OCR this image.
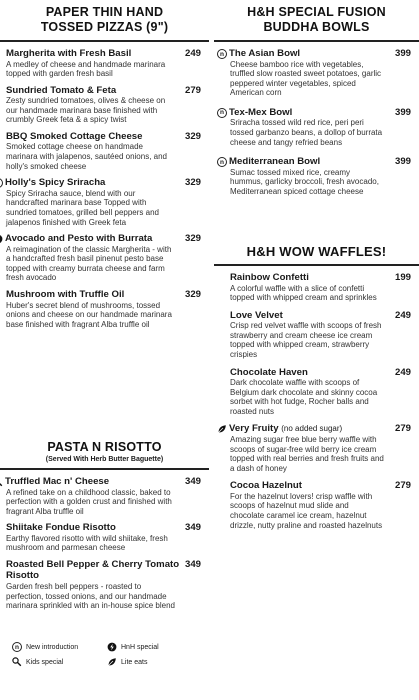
PAPER THIN HAND TOSSED PIZZAS (9")
Margherita with Fresh Basil	249
A medley of cheese and handmade marinara topped with garden fresh basil
Sundried Tomato & Feta	279
Zesty sundried tomatoes, olives & cheese on our handmade marinara base finished with crumbly Greek feta & a spicy twist
BBQ Smoked Cottage Cheese	329
Smoked cottage cheese on handmade marinara with jalapenos, sautéed onions, and holly's smoked cheese
Holly's Spicy Sriracha	329
Spicy Sriracha sauce, blend with our handcrafted marinara base Topped with sundried tomatoes, grilled bell peppers and jalapenos finished with Greek feta
Avocado and Pesto with Burrata	329
A reimagination of the classic Margherita - with a handcrafted fresh basil pinenut pesto base topped with creamy burrata cheese and farm fresh avocado
Mushroom with Truffle Oil	329
Huber's secret blend of mushrooms, tossed onions and cheese on our handmade marinara base finished with fragrant Alba truffle oil
PASTA N RISOTTO
(Served With Herb Butter Baguette)
Truffled Mac n' Cheese	349
A refined take on a childhood classic, baked to perfection with a golden crust and finished with fragrant Alba truffle oil
Shiitake Fondue Risotto	349
Earthy flavored risotto with wild shiitake, fresh mushroom and parmesan cheese
Roasted Bell Pepper & Cherry Tomato Risotto
349
Garden fresh bell peppers - roasted to perfection, tossed onions, and our handmade marinara sprinkled with an in-house spice blend
n	New introduction	HnH special
Kids special	Lite eats
H&H SPECIAL FUSION BUDDHA BOWLS
n The Asian Bowl	399
Cheese bamboo rice with vegetables, truffled slow roasted sweet potatoes, garlic peppered winter vegetables, spiced American corn
n Tex-Mex Bowl	399
Sriracha tossed wild red rice, peri peri tossed garbanzo beans, a dollop of burrata cheese and tangy refried beans
n Mediterranean Bowl	399
Sumac tossed mixed rice, creamy hummus, garlicky broccoli, fresh avocado, Mediterranean spiced cottage cheese
H&H WOW WAFFLES!
Rainbow Confetti	199
A colorful waffle with a slice of confetti topped with whipped cream and sprinkles
Love Velvet	249
Crisp red velvet waffle with scoops of fresh strawberry and cream cheese ice cream topped with whipped cream, strawberry crispies
Chocolate Haven	249
Dark chocolate waffle with scoops of Belgium dark chocolate and skinny cocoa sorbet with hot fudge, Rocher balls and roasted nuts
Very Fruity (no added sugar)	279
Amazing sugar free blue berry waffle with scoops of sugar-free wild berry ice cream topped with real berries and fresh fruits and a dash of honey
Cocoa Hazelnut	279
For the hazelnut lovers! crisp waffle with scoops of hazelnut mud slide and chocolate caramel ice cream, hazelnut drizzle, nutty praline and roasted hazelnuts
